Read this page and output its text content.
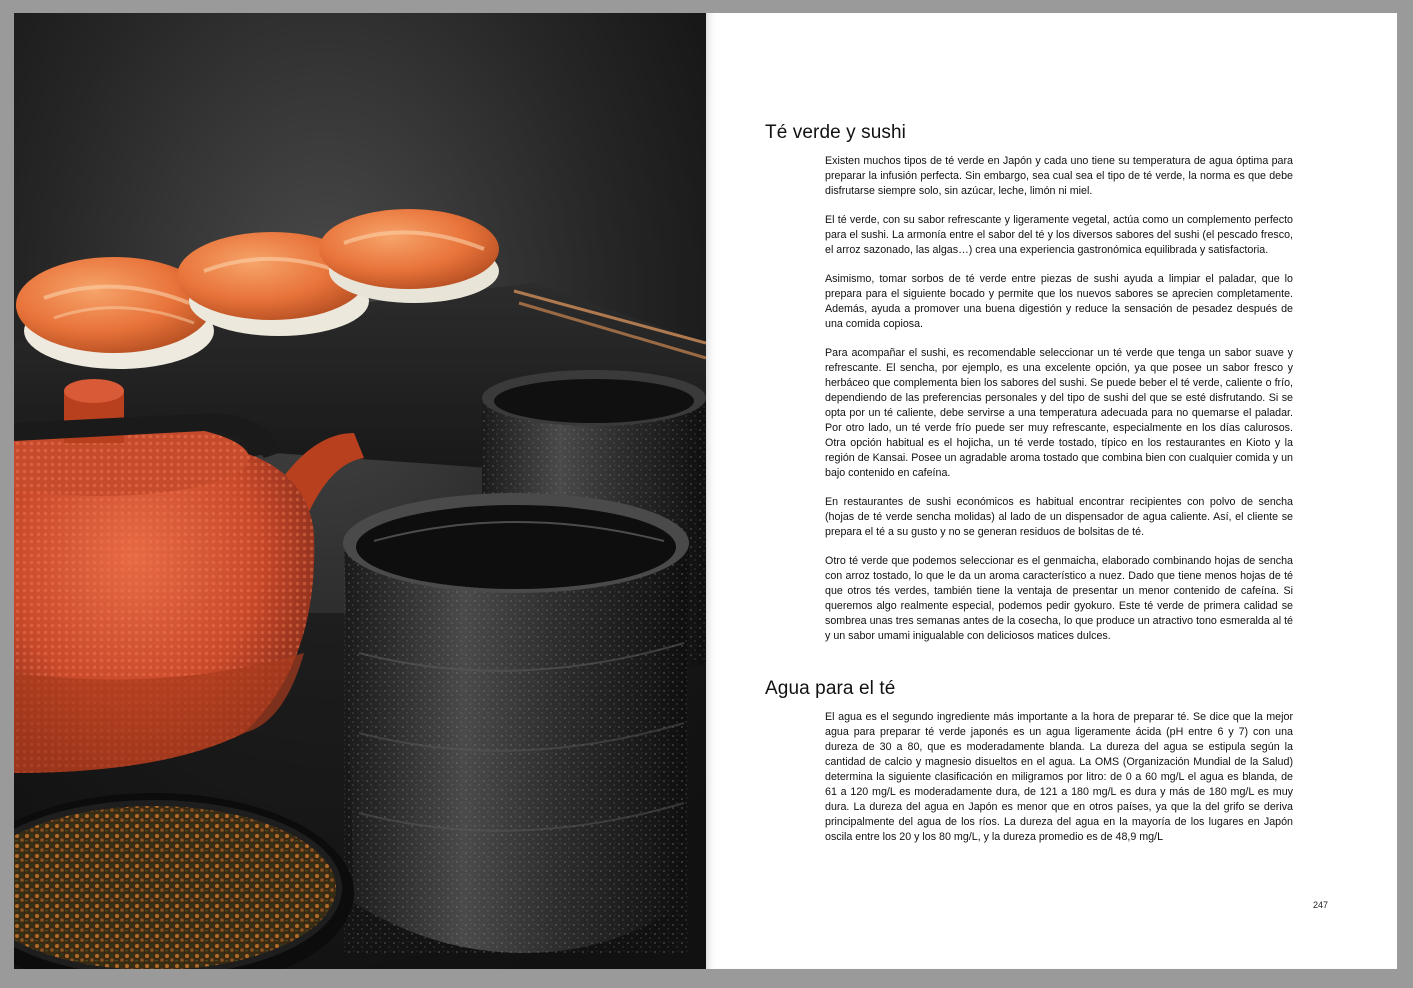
Té verde y sushi

Existen muchos tipos de té verde en Japón y cada uno tiene su temperatura de agua óptima para preparar la infusión perfecta. Sin embargo, sea cual sea el tipo de té verde, la norma es que debe disfrutarse siempre solo, sin azúcar, leche, limón ni miel.

El té verde, con su sabor refrescante y ligeramente vegetal, actúa como un complemento perfecto para el sushi. La armonía entre el sabor del té y los diversos sabores del sushi (el pescado fresco, el arroz sazonado, las algas…) crea una experiencia gastronómica equilibrada y satisfactoria.

Asimismo, tomar sorbos de té verde entre piezas de sushi ayuda a limpiar el paladar, que lo prepara para el siguiente bocado y permite que los nuevos sabores se aprecien completamente. Además, ayuda a promover una buena digestión y reduce la sensación de pesadez después de una comida copiosa.

Para acompañar el sushi, es recomendable seleccionar un té verde que tenga un sabor suave y refrescante. El sencha, por ejemplo, es una excelente opción, ya que posee un sabor fresco y herbáceo que complementa bien los sabores del sushi. Se puede beber el té verde, caliente o frío, dependiendo de las preferencias personales y del tipo de sushi del que se esté disfrutando. Si se opta por un té caliente, debe servirse a una temperatura adecuada para no quemarse el paladar. Por otro lado, un té verde frío puede ser muy refrescante, especialmente en los días calurosos. Otra opción habitual es el hojicha, un té verde tostado, típico en los restaurantes en Kioto y la región de Kansai. Posee un agradable aroma tostado que combina bien con cualquier comida y un bajo contenido en cafeína.

En restaurantes de sushi económicos es habitual encontrar recipientes con polvo de sencha (hojas de té verde sencha molidas) al lado de un dispensador de agua caliente. Así, el cliente se prepara el té a su gusto y no se generan residuos de bolsitas de té.

Otro té verde que podemos seleccionar es el genmaicha, elaborado combinando hojas de sencha con arroz tostado, lo que le da un aroma característico a nuez. Dado que tiene menos hojas de té que otros tés verdes, también tiene la ventaja de presentar un menor contenido de cafeína. Si queremos algo realmente especial, podemos pedir gyokuro. Este té verde de primera calidad se sombrea unas tres semanas antes de la cosecha, lo que produce un atractivo tono esmeralda al té y un sabor umami inigualable con deliciosos matices dulces.

Agua para el té

El agua es el segundo ingrediente más importante a la hora de preparar té. Se dice que la mejor agua para preparar té verde japonés es un agua ligeramente ácida (pH entre 6 y 7) con una dureza de 30 a 80, que es moderadamente blanda. La dureza del agua se estipula según la cantidad de calcio y magnesio disueltos en el agua. La OMS (Organización Mundial de la Salud) determina la siguiente clasificación en miligramos por litro: de 0 a 60 mg/L el agua es blanda, de 61 a 120 mg/L es moderadamente dura, de 121 a 180 mg/L es dura y más de 180 mg/L es muy dura. La dureza del agua en Japón es menor que en otros países, ya que la del grifo se deriva principalmente del agua de los ríos. La dureza del agua en la mayoría de los lugares en Japón oscila entre los 20 y los 80 mg/L, y la dureza promedio es de 48,9 mg/L

247
